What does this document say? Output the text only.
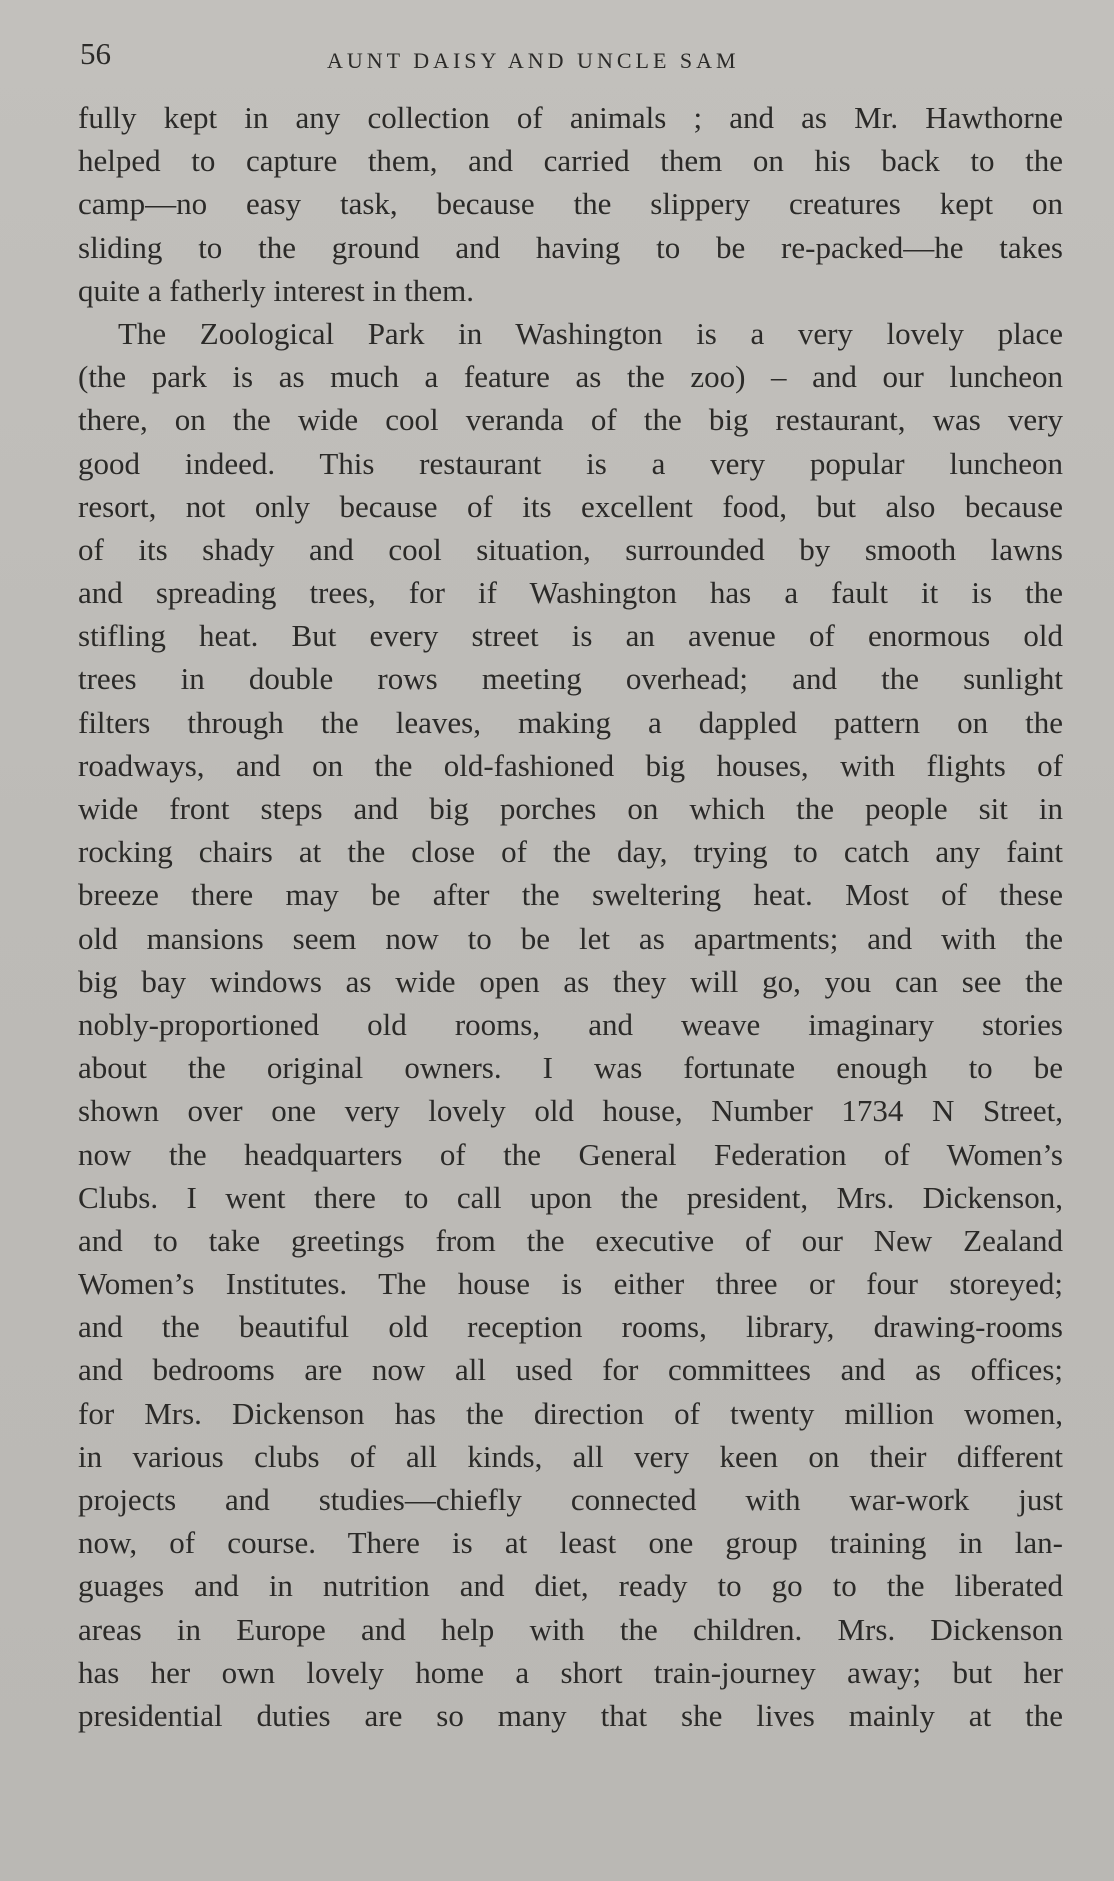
56	AUNT DAISY AND UNCLE SAM
fully kept in any collection of animals ; and as Mr. Hawthorne
helped to capture them, and carried them on his back to the
camp—no easy task, because the slippery creatures kept on
sliding to the ground and having to be re-packed—he takes
quite a fatherly interest in them.
The Zoological Park in Washington is a very lovely place
(the park is as much a feature as the zoo) – and our luncheon
there, on the wide cool veranda of the big restaurant, was very
good indeed. This restaurant is a very popular luncheon
resort, not only because of its excellent food, but also because
of its shady and cool situation, surrounded by smooth lawns
and spreading trees, for if Washington has a fault it is the
stifling heat. But every street is an avenue of enormous old
trees in double rows meeting overhead; and the sunlight
filters through the leaves, making a dappled pattern on the
roadways, and on the old-fashioned big houses, with flights of
wide front steps and big porches on which the people sit in
rocking chairs at the close of the day, trying to catch any faint
breeze there may be after the sweltering heat. Most of these
old mansions seem now to be let as apartments; and with the
big bay windows as wide open as they will go, you can see the
nobly-proportioned old rooms, and weave imaginary stories
about the original owners. I was fortunate enough to be
shown over one very lovely old house, Number 1734 N Street,
now the headquarters of the General Federation of Women’s
Clubs. I went there to call upon the president, Mrs. Dickenson,
and to take greetings from the executive of our New Zealand
Women’s Institutes. The house is either three or four storeyed;
and the beautiful old reception rooms, library, drawing-rooms
and bedrooms are now all used for committees and as offices;
for Mrs. Dickenson has the direction of twenty million women,
in various clubs of all kinds, all very keen on their different
projects and studies—chiefly connected with war-work just
now, of course. There is at least one group training in lan-
guages and in nutrition and diet, ready to go to the liberated
areas in Europe and help with the children. Mrs. Dickenson
has her own lovely home a short train-journey away; but her
presidential duties are so many that she lives mainly at the
